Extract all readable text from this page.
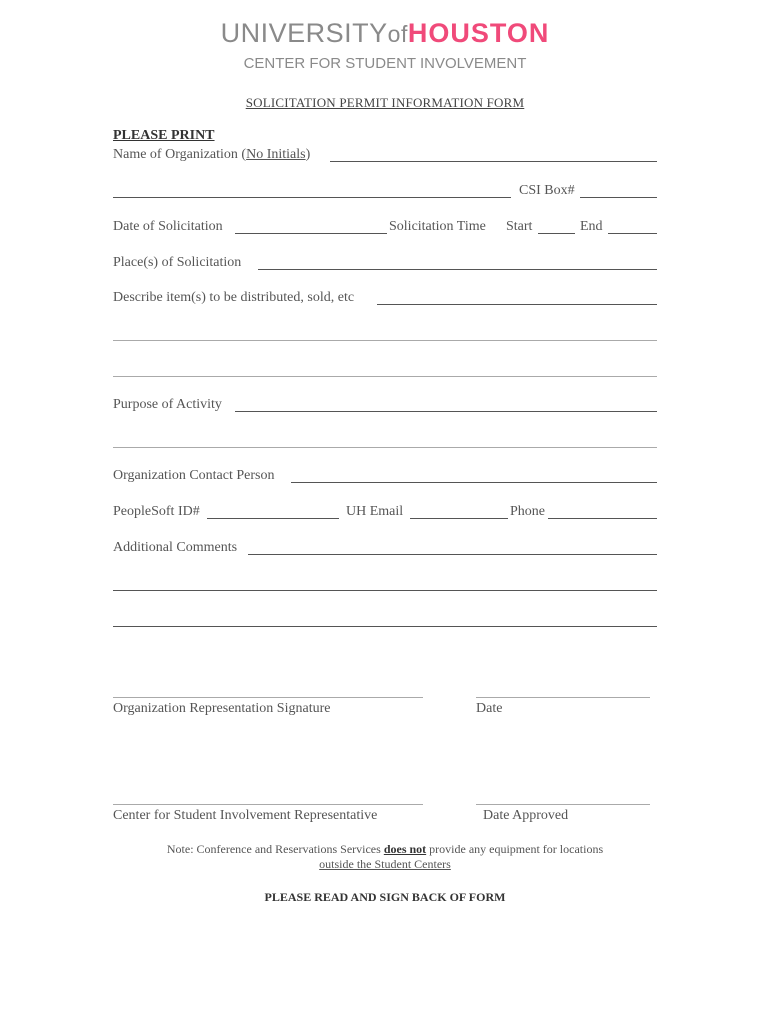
UNIVERSITYofHOUSTON
CENTER FOR STUDENT INVOLVEMENT
SOLICITATION PERMIT INFORMATION FORM
PLEASE PRINT
Name of Organization (No Initials)
CSI Box#
Date of Solicitation	Solicitation Time Start	End
Place(s) of Solicitation
Describe item(s) to be distributed, sold, etc
Purpose of Activity
Organization Contact Person
PeopleSoft ID#	UH Email	Phone
Additional Comments
Organization Representation Signature	Date
Center for Student Involvement Representative	Date Approved
Note: Conference and Reservations Services does not provide any equipment for locations
outside the Student Centers
PLEASE READ AND SIGN BACK OF FORM
